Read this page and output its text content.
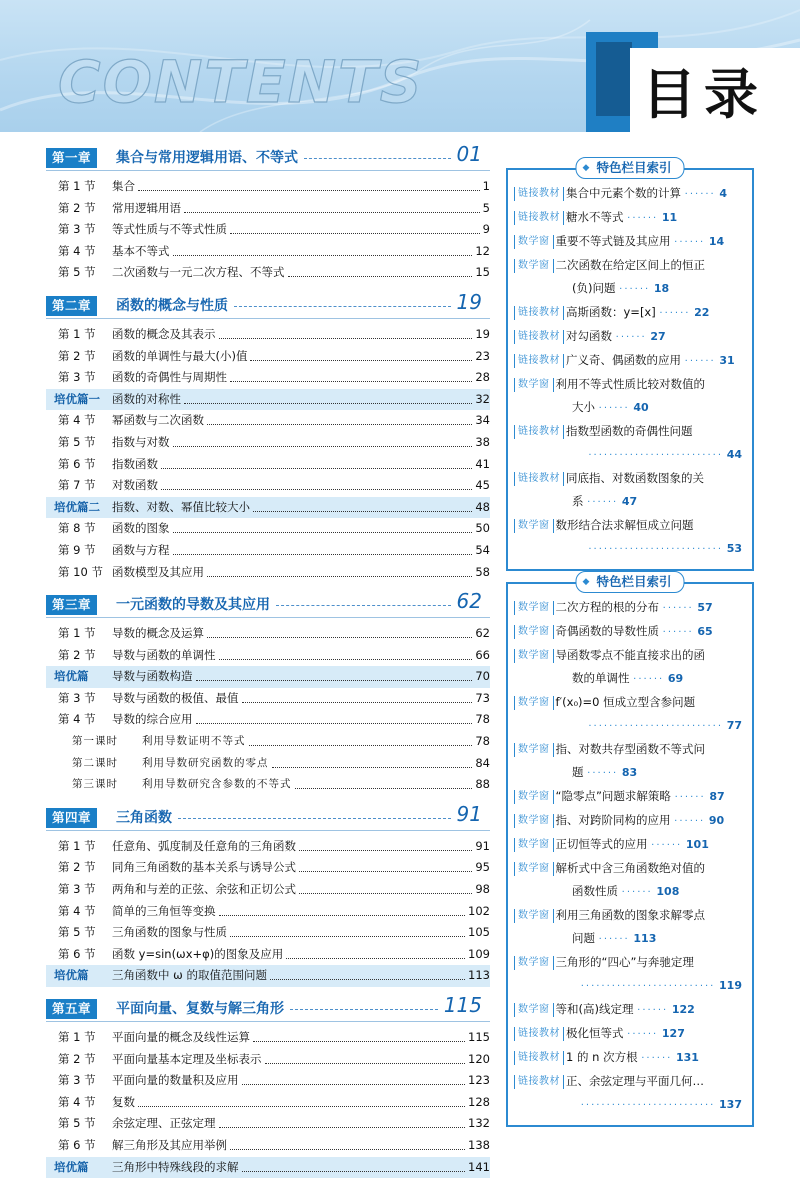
CONTENTS	目录
第一章	集合与常用逻辑用语、不等式	01
第 1 节 集合	1
第 2 节 常用逻辑用语	5
第 3 节 等式性质与不等式性质	9
第 4 节 基本不等式	12
第 5 节 二次函数与一元二次方程、不等式	15
第二章	函数的概念与性质	19
第 1 节 函数的概念及其表示	19
第 2 节 函数的单调性与最大(小)值	23
第 3 节 函数的奇偶性与周期性	28
培优篇一 函数的对称性	32
第 4 节 幂函数与二次函数	34
第 5 节 指数与对数	38
第 6 节 指数函数	41
第 7 节 对数函数	45
培优篇二 指数、对数、幂值比较大小	48
第 8 节 函数的图象	50
第 9 节 函数与方程	54
第 10 节 函数模型及其应用	58
第三章	一元函数的导数及其应用	62
第 1 节 导数的概念及运算	62
第 2 节 导数与函数的单调性	66
培优篇 导数与函数构造	70
第 3 节 导数与函数的极值、最值	73
第 4 节 导数的综合应用	78
第一课时 利用导数证明不等式	78
第二课时 利用导数研究函数的零点	84
第三课时 利用导数研究含参数的不等式	88
第四章	三角函数	91
第 1 节 任意角、弧度制及任意角的三角函数	91
第 2 节 同角三角函数的基本关系与诱导公式	95
第 3 节 两角和与差的正弦、余弦和正切公式	98
第 4 节 简单的三角恒等变换	102
第 5 节 三角函数的图象与性质	105
第 6 节 函数 y=sin(ωx+φ)的图象及应用	109
培优篇 三角函数中 ω 的取值范围问题	113
第五章	平面向量、复数与解三角形	115
第 1 节 平面向量的概念及线性运算	115
第 2 节 平面向量基本定理及坐标表示	120
第 3 节 平面向量的数量积及应用	123
第 4 节 复数	128
第 5 节 余弦定理、正弦定理	132
第 6 节 解三角形及其应用举例	138
培优篇 三角形中特殊线段的求解	141
◆ 特色栏目索引
链接教材 集合中元素个数的计算 ······ 4
链接教材 糖水不等式 ······ 11
数学窗 重要不等式链及其应用 ······ 14
数学窗 二次函数在给定区间上的恒正
(负)问题 ······ 18
链接教材 高斯函数：y=[x] ······ 22
链接教材 对勾函数 ······ 27
链接教材 广义奇、偶函数的应用 ······ 31
数学窗 利用不等式性质比较对数值的
大小 ······ 40
链接教材 指数型函数的奇偶性问题
·························· 44
链接教材 同底指、对数函数图象的关
系 ······ 47
数学窗 数形结合法求解恒成立问题
·························· 53
◆ 特色栏目索引
数学窗 二次方程的根的分布 ······ 57
数学窗 奇偶函数的导数性质 ······ 65
数学窗 导函数零点不能直接求出的函
数的单调性 ······ 69
数学窗 f′(x₀)=0 恒成立型含参问题
·························· 77
数学窗 指、对数共存型函数不等式问
题 ······ 83
数学窗 “隐零点”问题求解策略 ······ 87
数学窗 指、对跨阶同构的应用 ······ 90
数学窗 正切恒等式的应用 ······ 101
数学窗 解析式中含三角函数绝对值的
函数性质 ······ 108
数学窗 利用三角函数的图象求解零点
问题 ······ 113
数学窗 三角形的“四心”与奔驰定理
·························· 119
数学窗 等和(高)线定理 ······ 122
链接教材 极化恒等式 ······ 127
链接教材 1 的 n 次方根 ······ 131
链接教材 正、余弦定理与平面几何…
·························· 137
